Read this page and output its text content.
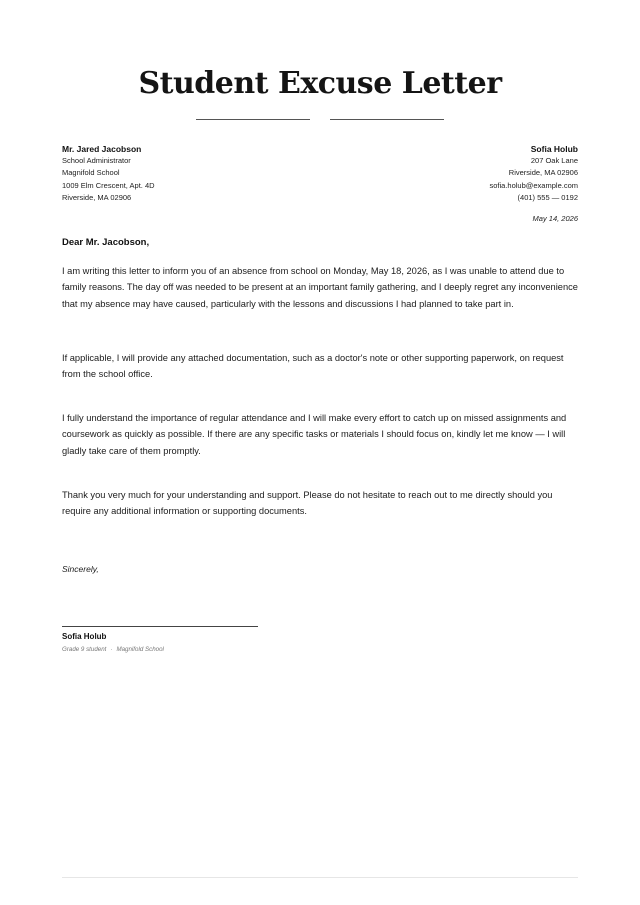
Student Excuse Letter
Mr. Jared Jacobson
School Administrator
Magnifold School
1009 Elm Crescent, Apt. 4D
Riverside, MA 02906
Sofia Holub
207 Oak Lane
Riverside, MA 02906
sofia.holub@example.com
(401) 555 — 0192
May 14, 2026
Dear Mr. Jacobson,

I am writing this letter to inform you of an absence from school on Monday, May 18, 2026, as I was unable to attend due to family reasons. The day off was needed to be present at an important family gathering, and I deeply regret any inconvenience that my absence may have caused, particularly with the lessons and discussions I had planned to take part in.

If applicable, I will provide any attached documentation, such as a doctor's note or other supporting paperwork, on request from the school office.

I fully understand the importance of regular attendance and I will make every effort to catch up on missed assignments and coursework as quickly as possible. If there are any specific tasks or materials I should focus on, kindly let me know — I will gladly take care of them promptly.

Thank you very much for your understanding and support. Please do not hesitate to reach out to me directly should you require any additional information or supporting documents.

Sincerely,
Sofia Holub
Grade 9 student · Magnifold School
